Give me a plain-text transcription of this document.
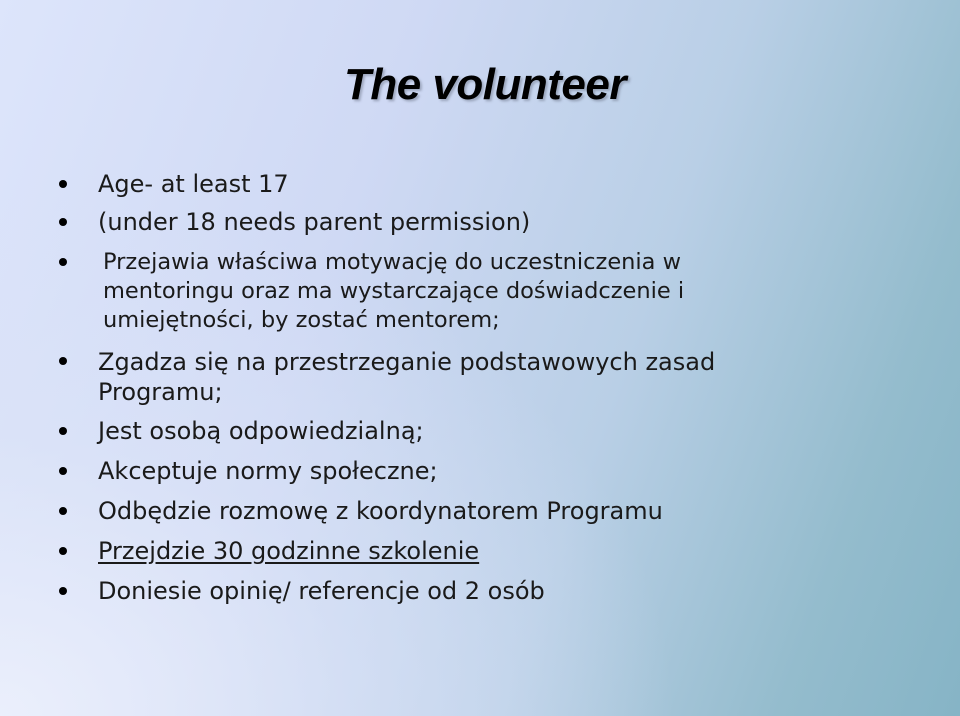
The volunteer
Age- at least 17
(under 18 needs parent permission)
Przejawia właściwa motywację do uczestniczenia w mentoringu oraz ma wystarczające doświadczenie i umiejętności, by zostać mentorem;
Zgadza się na przestrzeganie podstawowych zasad Programu;
Jest osobą odpowiedzialną;
Akceptuje normy społeczne;
Odbędzie rozmowę z koordynatorem Programu
Przejdzie 30 godzinne szkolenie
Doniesie opinię/ referencje od 2 osób
